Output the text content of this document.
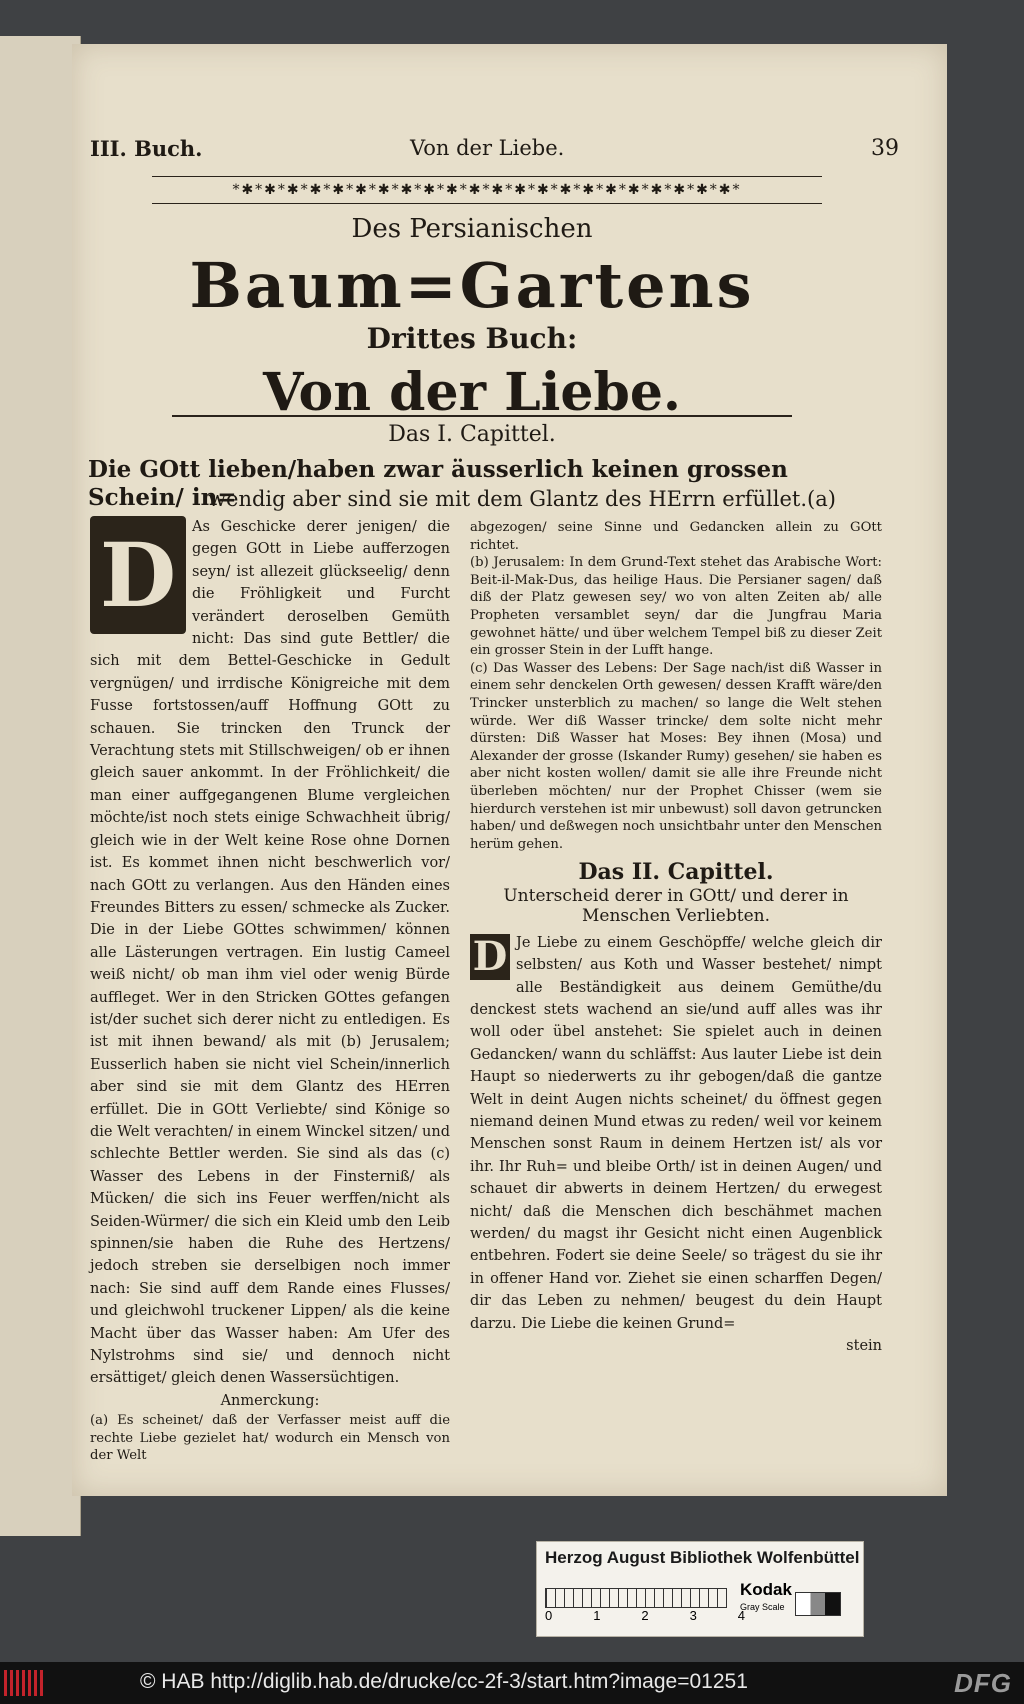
III. Buch.	Von der Liebe.	39
*✱*✱*✱*✱*✱*✱*✱*✱*✱*✱*✱*✱*✱*✱*✱*✱*✱*✱*✱*✱*✱*✱*
Des Persianischen
Baum=Gartens
Drittes Buch:
Von der Liebe.
Das I. Capittel.
Die GOtt lieben/haben zwar äusserlich keinen grossen Schein/ in=
wendig aber sind sie mit dem Glantz des HErrn erfüllet.(a)
D	As Geschicke derer jenigen/ die gegen GOtt in Liebe aufferzogen seyn/ ist allezeit glückseelig/ denn die Fröhligkeit und Furcht verändert deroselben Gemüth nicht: Das sind gute Bettler/ die sich mit dem Bettel-Geschicke in Gedult vergnügen/ und irrdische Königreiche mit dem Fusse fortstossen/auff Hoffnung GOtt zu schauen. Sie trincken den Trunck der Verachtung stets mit Stillschweigen/ ob er ihnen gleich sauer ankommt. In der Fröhlichkeit/ die man einer auffgegangenen Blume vergleichen möchte/ist noch stets einige Schwachheit übrig/ gleich wie in der Welt keine Rose ohne Dornen ist. Es kommet ihnen nicht beschwerlich vor/ nach GOtt zu verlangen. Aus den Händen eines Freundes Bitters zu essen/ schmecke als Zucker. Die in der Liebe GOttes schwimmen/ können alle Lästerungen vertragen. Ein lustig Cameel weiß nicht/ ob man ihm viel oder wenig Bürde auffleget. Wer in den Stricken GOttes gefangen ist/der suchet sich derer nicht zu entledigen. Es ist mit ihnen bewand/ als mit (b) Jerusalem; Eusserlich haben sie nicht viel Schein/innerlich aber sind sie mit dem Glantz des HErren erfüllet. Die in GOtt Verliebte/ sind Könige so die Welt verachten/ in einem Winckel sitzen/ und schlechte Bettler werden. Sie sind als das (c) Wasser des Lebens in der Finsterniß/ als Mücken/ die sich ins Feuer werffen/nicht als Seiden-Würmer/ die sich ein Kleid umb den Leib spinnen/sie haben die Ruhe des Hertzens/ jedoch streben sie derselbigen noch immer nach: Sie sind auff dem Rande eines Flusses/ und gleichwohl truckener Lippen/ als die keine Macht über das Wasser haben: Am Ufer des Nylstrohms sind sie/ und dennoch nicht ersättiget/ gleich denen Wassersüchtigen.

Anmerckung:

(a) Es scheinet/ daß der Verfasser meist auff die rechte Liebe gezielet hat/ wodurch ein Mensch von der Welt

abgezogen/ seine Sinne und Gedancken allein zu GOtt richtet.

(b) Jerusalem: In dem Grund-Text stehet das Arabische Wort: Beit-il-Mak-Dus, das heilige Haus. Die Persianer sagen/ daß diß der Platz gewesen sey/ wo von alten Zeiten ab/ alle Propheten versamblet seyn/ dar die Jungfrau Maria gewohnet hätte/ und über welchem Tempel biß zu dieser Zeit ein grosser Stein in der Lufft hange.

(c) Das Wasser des Lebens: Der Sage nach/ist diß Wasser in einem sehr denckelen Orth gewesen/ dessen Krafft wäre/den Trincker unsterblich zu machen/ so lange die Welt stehen würde. Wer diß Wasser trincke/ dem solte nicht mehr dürsten: Diß Wasser hat Moses: Bey ihnen (Mosa) und Alexander der grosse (Iskander Rumy) gesehen/ sie haben es aber nicht kosten wollen/ damit sie alle ihre Freunde nicht überleben möchten/ nur der Prophet Chisser (wem sie hierdurch verstehen ist mir unbewust) soll davon getruncken haben/ und deßwegen noch unsichtbahr unter den Menschen herüm gehen.

Das II. Capittel.
Unterscheid derer in GOtt/ und derer in Menschen Verliebten.
D Je Liebe zu einem Geschöpffe/ welche gleich dir selbsten/ aus Koth und Wasser bestehet/ nimpt alle Beständigkeit aus deinem Gemüthe/du denckest stets wachend an sie/und auff alles was ihr woll oder übel anstehet: Sie spielet auch in deinen Gedancken/ wann du schläffst: Aus lauter Liebe ist dein Haupt so niederwerts zu ihr gebogen/daß die gantze Welt in deint Augen nichts scheinet/ du öffnest gegen niemand deinen Mund etwas zu reden/ weil vor keinem Menschen sonst Raum in deinem Hertzen ist/ als vor ihr. Ihr Ruh= und bleibe Orth/ ist in deinen Augen/ und schauet dir abwerts in deinem Hertzen/ du erwegest nicht/ daß die Menschen dich beschähmet machen werden/ du magst ihr Gesicht nicht einen Augenblick entbehren. Fodert sie deine Seele/ so trägest du sie ihr in offener Hand vor. Ziehet sie einen scharffen Degen/ dir das Leben zu nehmen/ beugest du dein Haupt darzu. Die Liebe die keinen Grund=

stein

Herzog August Bibliothek Wolfenbüttel
0	1	2	3	4
Kodak
Gray Scale
© HAB http://diglib.hab.de/drucke/cc-2f-3/start.htm?image=01251	DFG
